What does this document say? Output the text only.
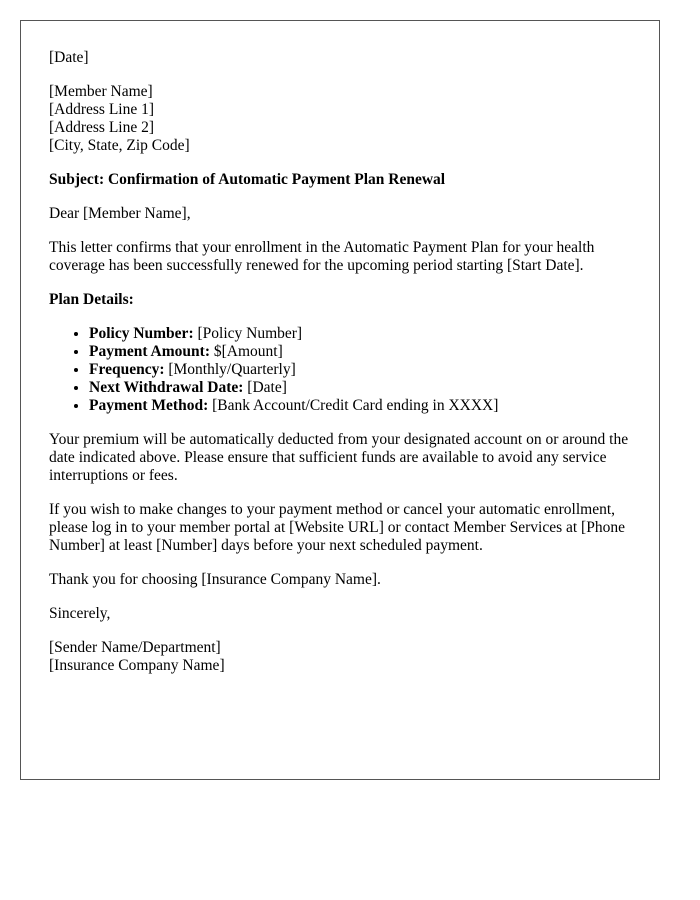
[Date]

[Member Name]
[Address Line 1]
[Address Line 2]
[City, State, Zip Code]

Subject: Confirmation of Automatic Payment Plan Renewal

Dear [Member Name],

This letter confirms that your enrollment in the Automatic Payment Plan for your health coverage has been successfully renewed for the upcoming period starting [Start Date].

Plan Details:

• Policy Number: [Policy Number]
• Payment Amount: $[Amount]
• Frequency: [Monthly/Quarterly]
• Next Withdrawal Date: [Date]
• Payment Method: [Bank Account/Credit Card ending in XXXX]

Your premium will be automatically deducted from your designated account on or around the date indicated above. Please ensure that sufficient funds are available to avoid any service interruptions or fees.

If you wish to make changes to your payment method or cancel your automatic enrollment, please log in to your member portal at [Website URL] or contact Member Services at [Phone Number] at least [Number] days before your next scheduled payment.

Thank you for choosing [Insurance Company Name].

Sincerely,

[Sender Name/Department]
[Insurance Company Name]
